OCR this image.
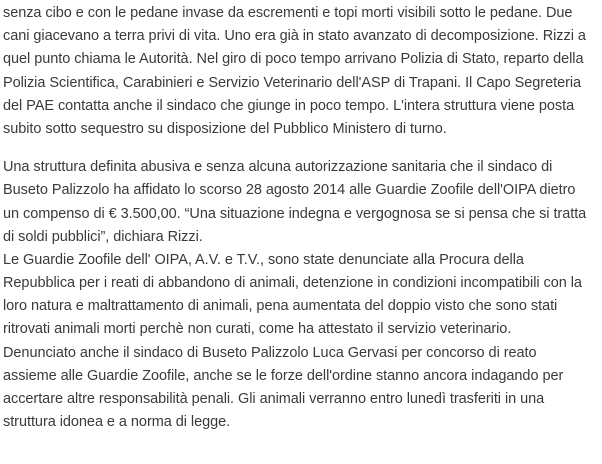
senza cibo e con le pedane invase da escrementi e topi morti visibili sotto le pedane. Due
cani giacevano a terra privi di vita. Uno era già in stato avanzato di decomposizione. Rizzi a
quel punto chiama le Autorità. Nel giro di poco tempo arrivano Polizia di Stato, reparto della
Polizia Scientifica, Carabinieri e Servizio Veterinario dell'ASP di Trapani. Il Capo Segreteria
del PAE contatta anche il sindaco che giunge in poco tempo. L'intera struttura viene posta
subito sotto sequestro su disposizione del Pubblico Ministero di turno.
Una struttura definita abusiva e senza alcuna autorizzazione sanitaria che il sindaco di
Buseto Palizzolo ha affidato lo scorso 28 agosto 2014 alle Guardie Zoofile dell'OIPA dietro
un compenso di € 3.500,00. “Una situazione indegna e vergognosa se si pensa che si tratta
di soldi pubblici”, dichiara Rizzi.
Le Guardie Zoofile dell' OIPA, A.V. e T.V., sono state denunciate alla Procura della
Repubblica per i reati di abbandono di animali, detenzione in condizioni incompatibili con la
loro natura e maltrattamento di animali, pena aumentata del doppio visto che sono stati
ritrovati animali morti perchè non curati, come ha attestato il servizio veterinario.
Denunciato anche il sindaco di Buseto Palizzolo Luca Gervasi per concorso di reato
assieme alle Guardie Zoofile, anche se le forze dell'ordine stanno ancora indagando per
accertare altre responsabilità penali. Gli animali verranno entro lunedì trasferiti in una
struttura idonea e a norma di legge.
